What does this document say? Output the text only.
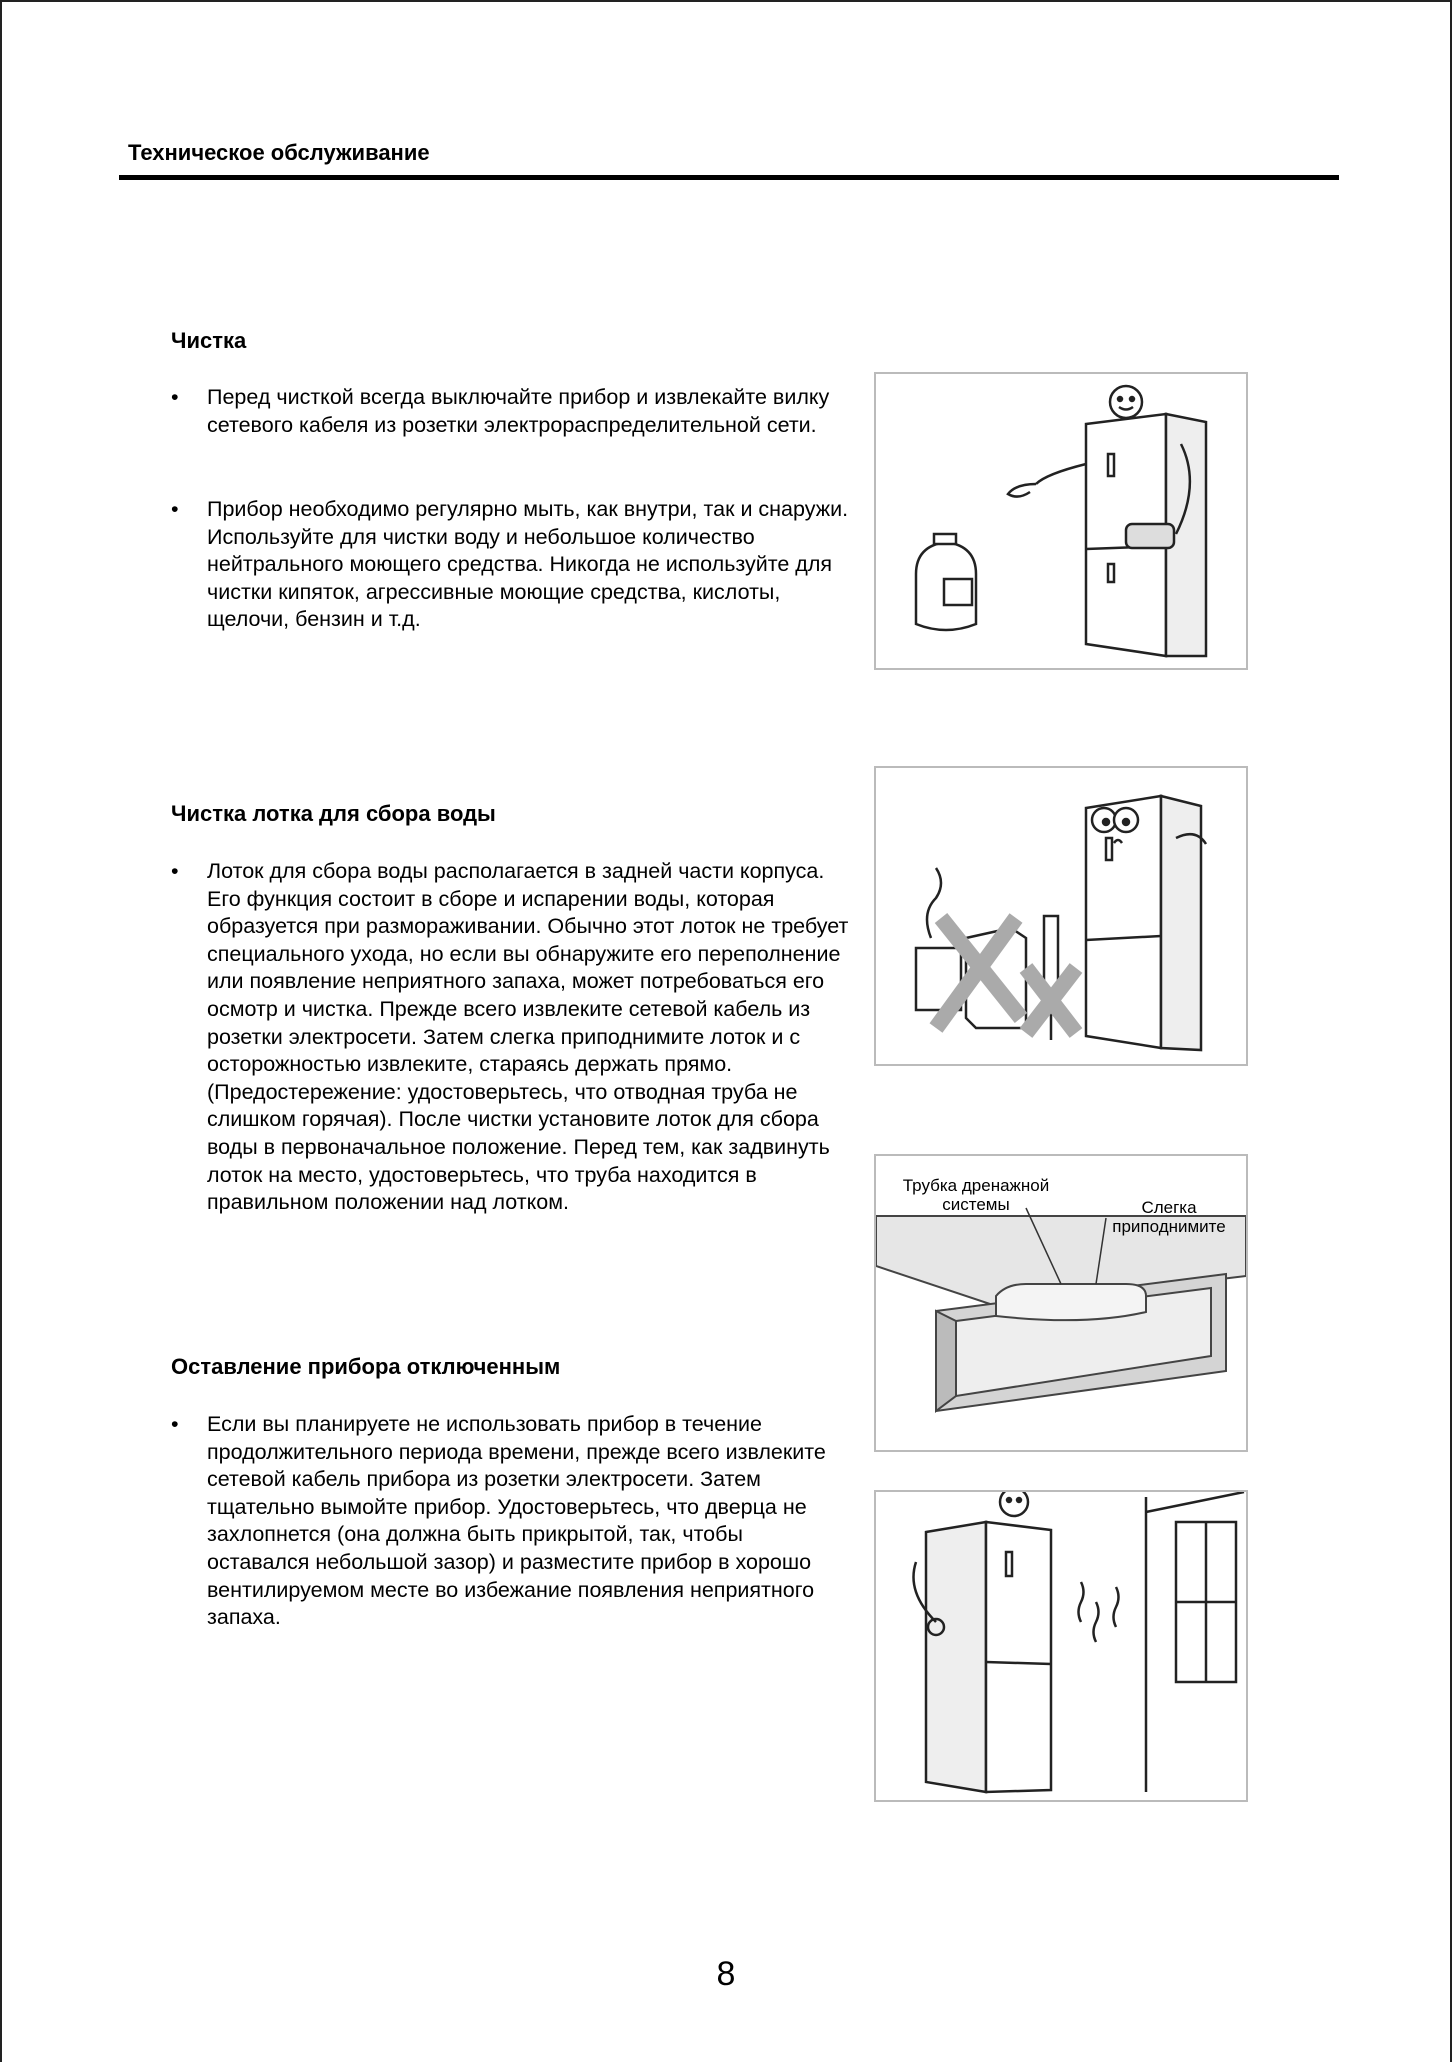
Техническое обслуживание
Чистка
•	Перед чисткой всегда выключайте прибор и извлекайте вилку сетевого кабеля из розетки электрораспределительной сети.
•	Прибор необходимо регулярно мыть, как внутри, так и снаружи. Используйте для чистки воду и небольшое количество нейтрального моющего средства. Никогда не используйте для чистки кипяток, агрессивные моющие средства, кислоты, щелочи, бензин и т.д.
Чистка лотка для сбора воды
•	Лоток для сбора воды располагается в задней части корпуса. Его функция состоит в сборе и испарении воды, которая образуется при размораживании. Обычно этот лоток не требует специального ухода, но если вы обнаружите его переполнение или появление неприятного запаха, может потребоваться его осмотр и чистка. Прежде всего извлеките сетевой кабель из розетки электросети. Затем слегка приподнимите лоток и с осторожностью извлеките, стараясь держать прямо. (Предостережение: удостоверьтесь, что отводная труба не слишком горячая). После чистки установите лоток для сбора воды в первоначальное положение. Перед тем, как задвинуть лоток на место, удостоверьтесь, что труба находится в правильном положении над лотком.
Оставление прибора отключенным
•	Если вы планируете не использовать прибор в течение продолжительного периода времени, прежде всего извлеките сетевой кабель прибора из розетки электросети. Затем тщательно вымойте прибор. Удостоверьтесь, что дверца не захлопнется (она должна быть прикрытой, так, чтобы оставался небольшой зазор) и разместите прибор в хорошо вентилируемом месте во избежание появления неприятного запаха.
Трубка дренажной системы	Слегка приподнимите
8
